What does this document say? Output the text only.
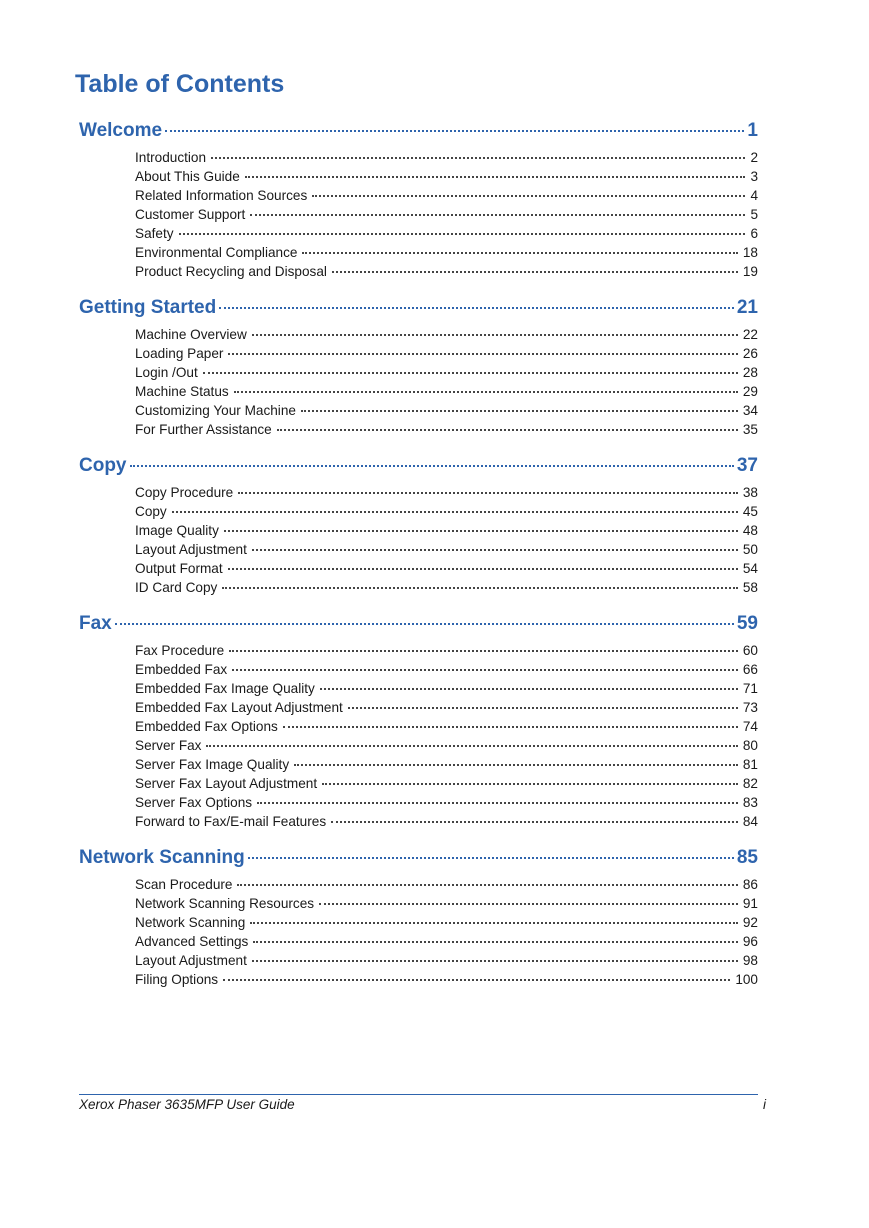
Table of Contents
Welcome	1
Introduction	2
About This Guide	3
Related Information Sources	4
Customer Support	5
Safety	6
Environmental Compliance	18
Product Recycling and Disposal	19
Getting Started	21
Machine Overview	22
Loading Paper	26
Login /Out	28
Machine Status	29
Customizing Your Machine	34
For Further Assistance	35
Copy	37
Copy Procedure	38
Copy	45
Image Quality	48
Layout Adjustment	50
Output Format	54
ID Card Copy	58
Fax	59
Fax Procedure	60
Embedded Fax	66
Embedded Fax Image Quality	71
Embedded Fax Layout Adjustment	73
Embedded Fax Options	74
Server Fax	80
Server Fax Image Quality	81
Server Fax Layout Adjustment	82
Server Fax Options	83
Forward to Fax/E-mail Features	84
Network Scanning	85
Scan Procedure	86
Network Scanning Resources	91
Network Scanning	92
Advanced Settings	96
Layout Adjustment	98
Filing Options	100
Xerox Phaser 3635MFP User Guide	i
